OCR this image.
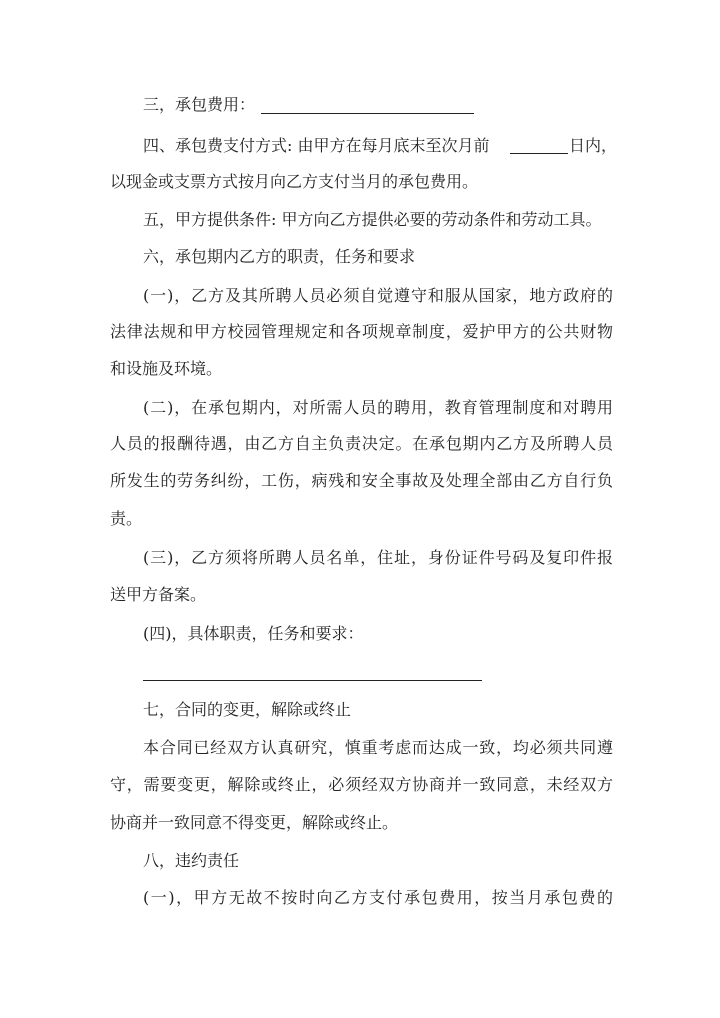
三，承包费用：
四、承包费支付方式: 由甲方在每月底末至次月前	日内，
以现金或支票方式按月向乙方支付当月的承包费用。
五，甲方提供条件: 甲方向乙方提供必要的劳动条件和劳动工具。
六，承包期内乙方的职责，任务和要求
(一)，乙方及其所聘人员必须自觉遵守和服从国家，地方政府的
法律法规和甲方校园管理规定和各项规章制度，爱护甲方的公共财物
和设施及环境。
(二)，在承包期内，对所需人员的聘用，教育管理制度和对聘用
人员的报酬待遇，由乙方自主负责决定。在承包期内乙方及所聘人员
所发生的劳务纠纷，工伤，病残和安全事故及处理全部由乙方自行负
责。
(三)，乙方须将所聘人员名单，住址，身份证件号码及复印件报
送甲方备案。
(四)，具体职责，任务和要求：
七，合同的变更，解除或终止
本合同已经双方认真研究，慎重考虑而达成一致，均必须共同遵
守，需要变更，解除或终止，必须经双方协商并一致同意，未经双方
协商并一致同意不得变更，解除或终止。
八，违约责任
(一)，甲方无故不按时向乙方支付承包费用，按当月承包费的
